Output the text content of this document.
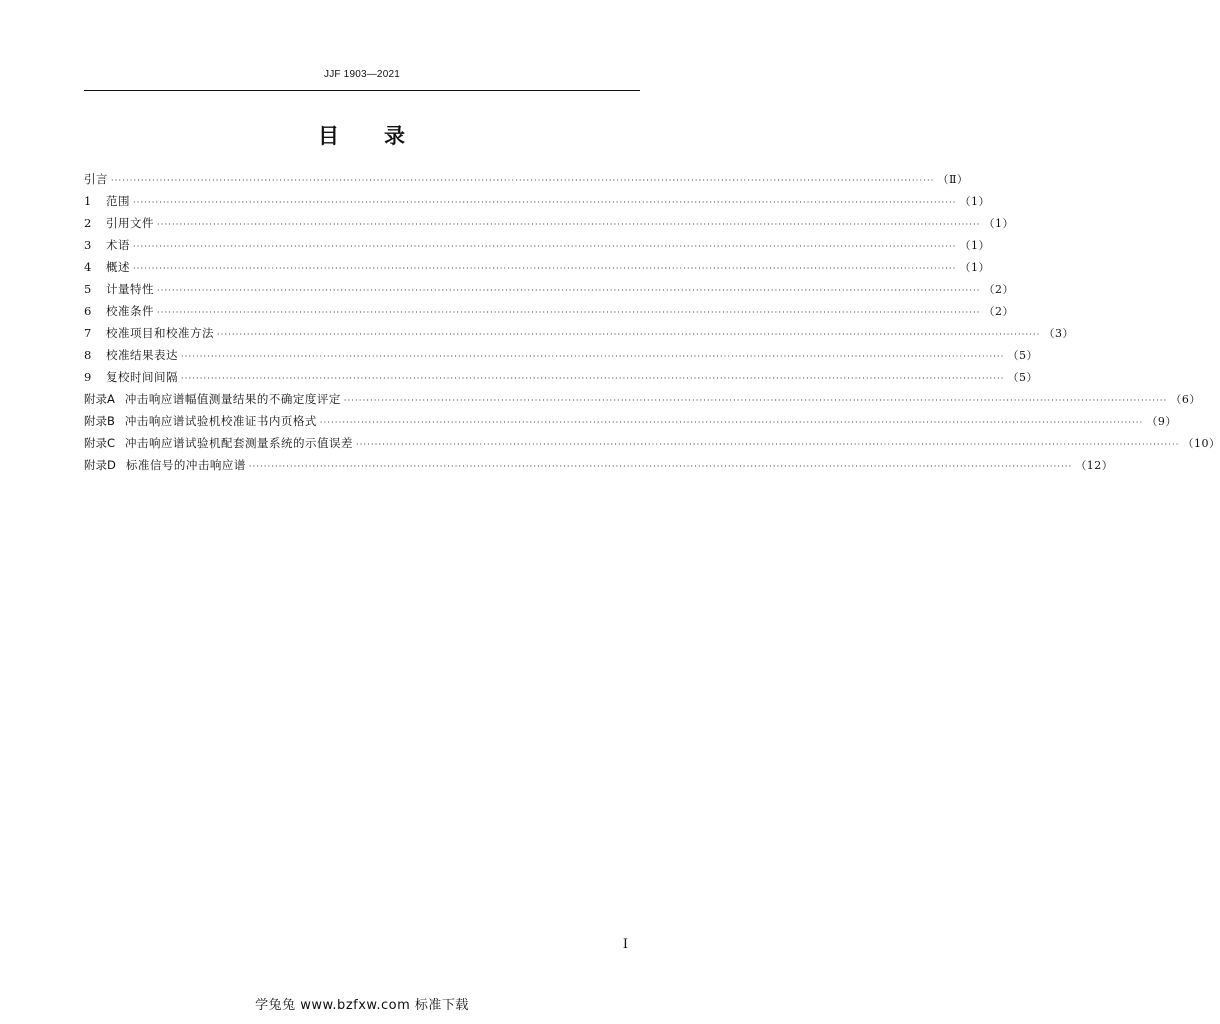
JJF 1903—2021
目 录
引言 ···························································································································································································································· （Ⅱ）
1	范围 ···························································································································································································································· （1）
2	引用文件 ···························································································································································································································· （1）
3	术语 ···························································································································································································································· （1）
4	概述 ···························································································································································································································· （1）
5	计量特性 ···························································································································································································································· （2）
6	校准条件 ···························································································································································································································· （2）
7	校准项目和校准方法 ···························································································································································································································· （3）
8	校准结果表达 ···························································································································································································································· （5）
9	复校时间间隔 ···························································································································································································································· （5）
附录A 冲击响应谱幅值测量结果的不确定度评定 ···························································································································································································································· （6）
附录B 冲击响应谱试验机校准证书内页格式 ···························································································································································································································· （9）
附录C 冲击响应谱试验机配套测量系统的示值误差 ···························································································································································································································· （10）
附录D 标准信号的冲击响应谱 ···························································································································································································································· （12）
I
学兔兔 www.bzfxw.com 标准下载
